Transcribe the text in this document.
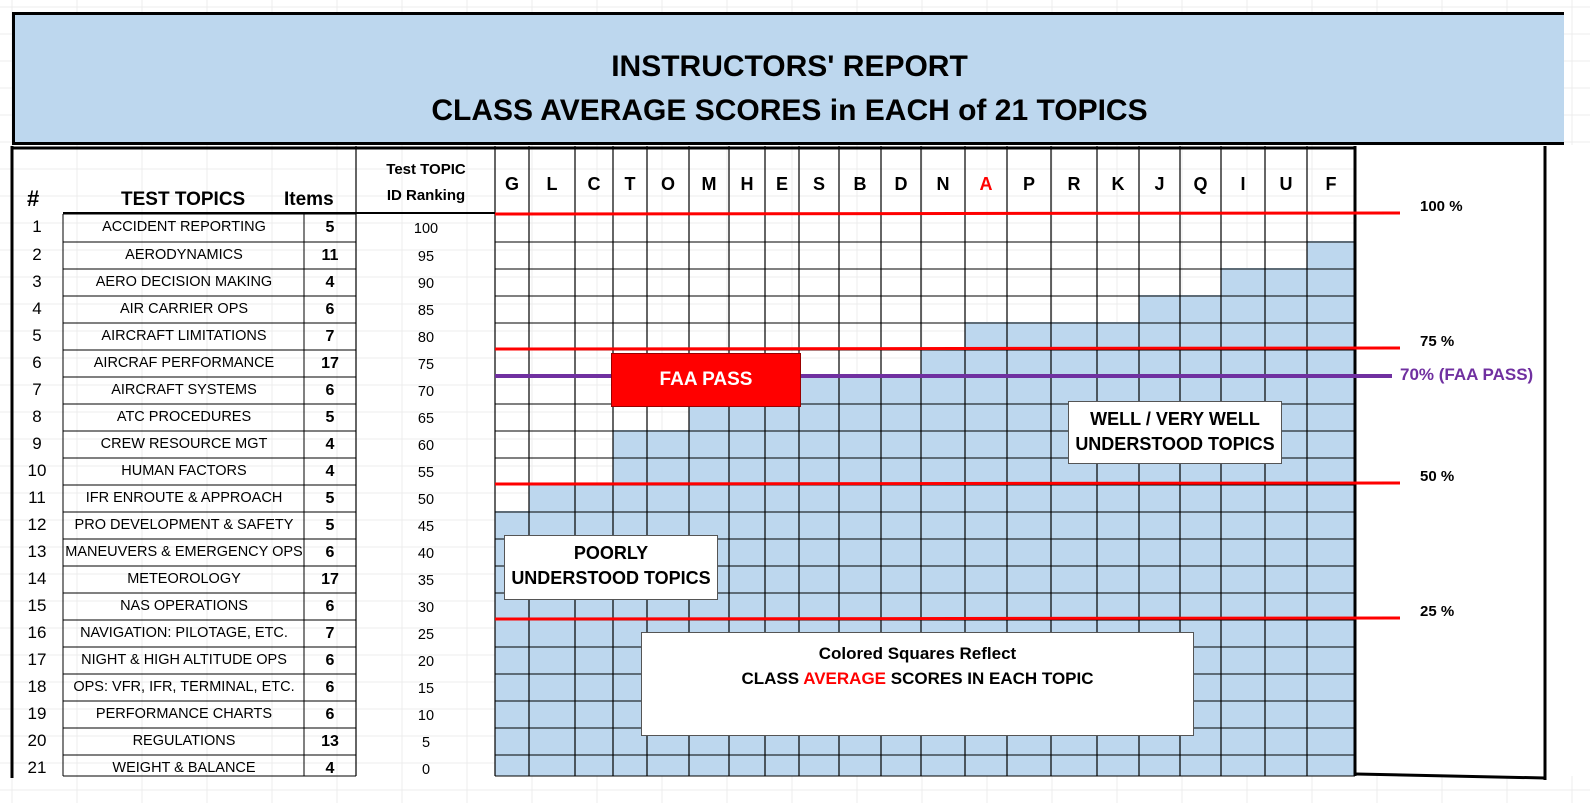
INSTRUCTORS' REPORT
CLASS AVERAGE SCORES in EACH of 21 TOPICS
#	TEST TOPICS Items
Test TOPIC
ID Ranking
1	ACCIDENT REPORTING	5	100
2	AERODYNAMICS	11	95
3	AERO DECISION MAKING	4	90
4	AIR CARRIER OPS	6	85
5	AIRCRAFT LIMITATIONS	7	80
6	AIRCRAF PERFORMANCE	17	75
7	AIRCRAFT SYSTEMS	6	70
8	ATC PROCEDURES	5	65
9	CREW RESOURCE MGT	4	60
10	HUMAN FACTORS	4	55
11	IFR ENROUTE & APPROACH	5	50
12	PRO DEVELOPMENT & SAFETY	5	45
13	MANEUVERS & EMERGENCY OPS	6	40
14	METEOROLOGY	17	35
15	NAS OPERATIONS	6	30
16	NAVIGATION: PILOTAGE, ETC.	7	25
17	NIGHT & HIGH ALTITUDE OPS	6	20
18	OPS: VFR, IFR, TERMINAL, ETC.	6	15
19	PERFORMANCE CHARTS	6	10
20	REGULATIONS	13	5
21	WEIGHT & BALANCE	4	0
G	L	C	T	O	M	H	E	S	B	D	N	A	P	R	K	J	Q	I	U	F
100 %
75 %
70% (FAA PASS)
50 %
25 %
FAA PASS
WELL / VERY WELL
UNDERSTOOD TOPICS
POORLY
UNDERSTOOD TOPICS
Colored Squares Reflect
CLASS AVERAGE SCORES IN EACH TOPIC
